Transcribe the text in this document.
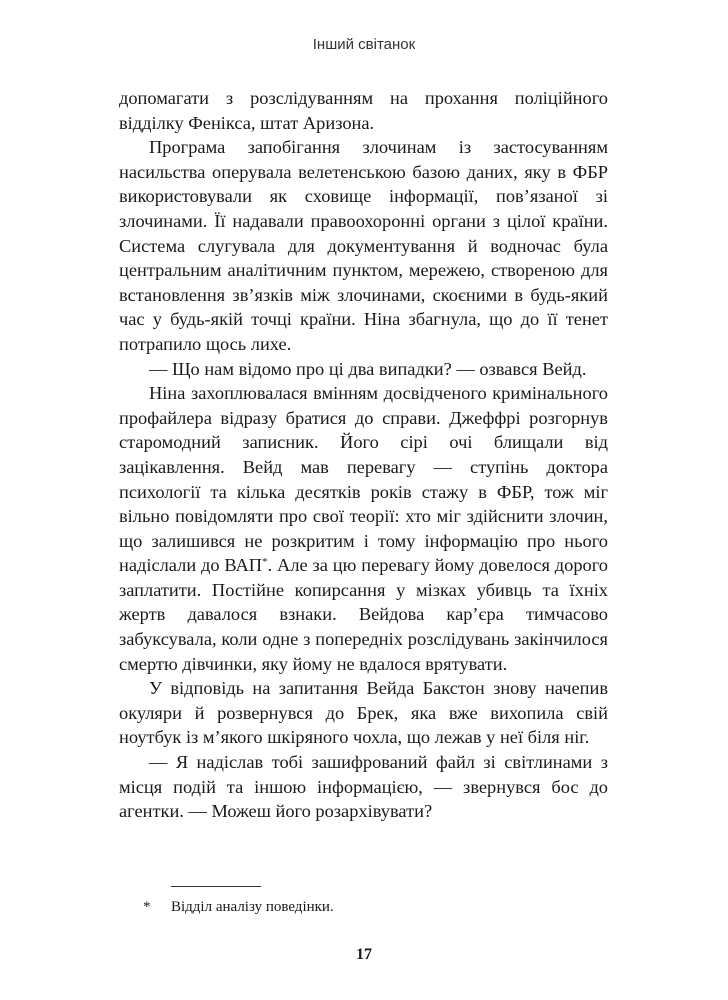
Інший світанок

допомагати з розслідуванням на прохання поліційного відділку Фенікса, штат Аризона.

Програма запобігання злочинам із застосуванням насильства оперувала велетенською базою даних, яку в ФБР використовували як сховище інформації, пов’язаної зі злочинами. Її надавали правоохоронні органи з цілої країни. Система слугувала для документування й водночас була центральним аналітичним пунктом, мережею, створеною для встановлення зв’язків між злочинами, скоєними в будь-який час у будь-якій точці країни. Ніна збагнула, що до її тенет потрапило щось лихе.

— Що нам відомо про ці два випадки? — озвався Вейд.

Ніна захоплювалася вмінням досвідченого кримінального профайлера відразу братися до справи. Джеффрі розгорнув старомодний записник. Його сірі очі блищали від зацікавлення. Вейд мав перевагу — ступінь доктора психології та кілька десятків років стажу в ФБР, тож міг вільно повідомляти про свої теорії: хто міг здійснити злочин, що залишився не розкритим і тому інформацію про нього надіслали до ВАП*. Але за цю перевагу йому довелося дорого заплатити. Постійне копирсання у мізках убивць та їхніх жертв давалося взнаки. Вейдова кар’єра тимчасово забуксувала, коли одне з попередніх розслідувань закінчилося смертю дівчинки, яку йому не вдалося врятувати.

У відповідь на запитання Вейда Бакстон знову начепив окуляри й розвернувся до Брек, яка вже вихопила свій ноутбук із м’якого шкіряного чохла, що лежав у неї біля ніг.

— Я надіслав тобі зашифрований файл зі світлинами з місця подій та іншою інформацією, — звернувся бос до агентки. — Можеш його розархівувати?

* Відділ аналізу поведінки.
17
